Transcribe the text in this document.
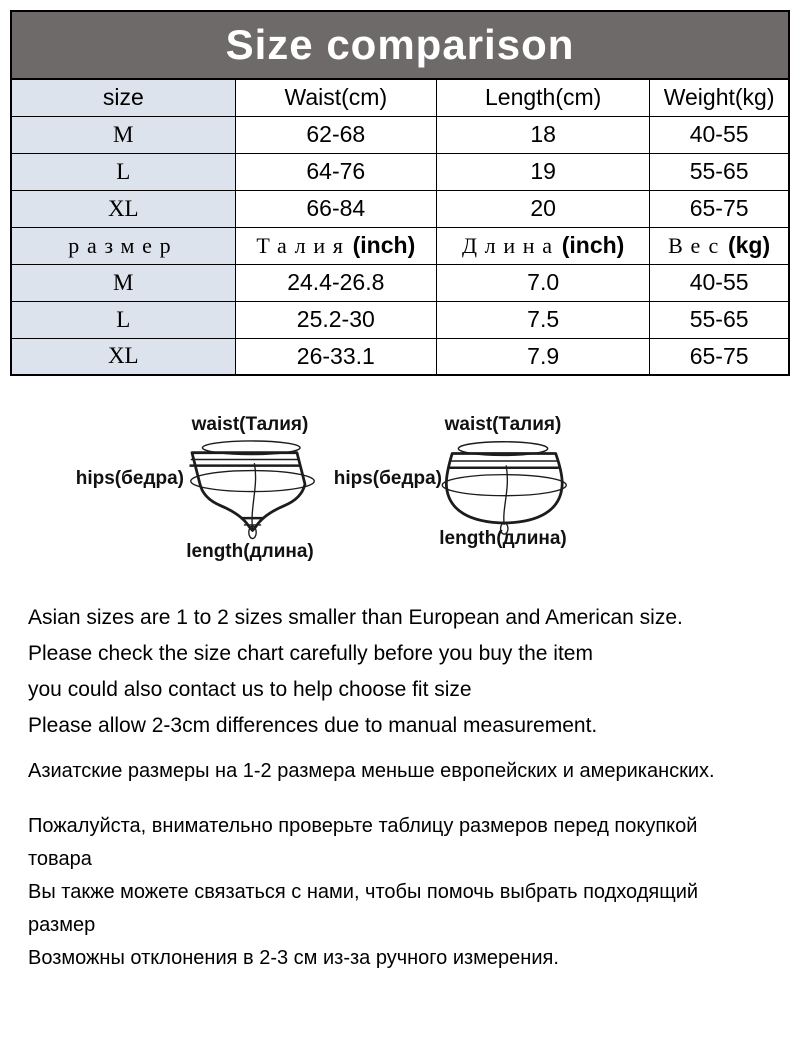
Size comparison
size	Waist(cm)	Length(cm)	Weight(kg)
M	62-68	18	40-55
L	64-76	19	55-65
XL	66-84	20	65-75
размер	Талия(inch)	Длина(inch)	Вес(kg)
M	24.4-26.8	7.0	40-55
L	25.2-30	7.5	55-65
XL	26-33.1	7.9	65-75
waist(Талия)
hips(бедра)
length(длина)
waist(Талия)
hips(бедра)
length(длина)
Asian sizes are 1 to 2 sizes smaller than European and American size.
Please check the size chart carefully before you buy the item
you could also contact us to help choose fit size
Please allow 2-3cm differences due to manual measurement.
Азиатские размеры на 1-2 размера меньше европейских и американских.
Пожалуйста, внимательно проверьте таблицу размеров перед покупкой
товара
Вы также можете связаться с нами, чтобы помочь выбрать подходящий
размер
Возможны отклонения в 2-3 см из-за ручного измерения.
